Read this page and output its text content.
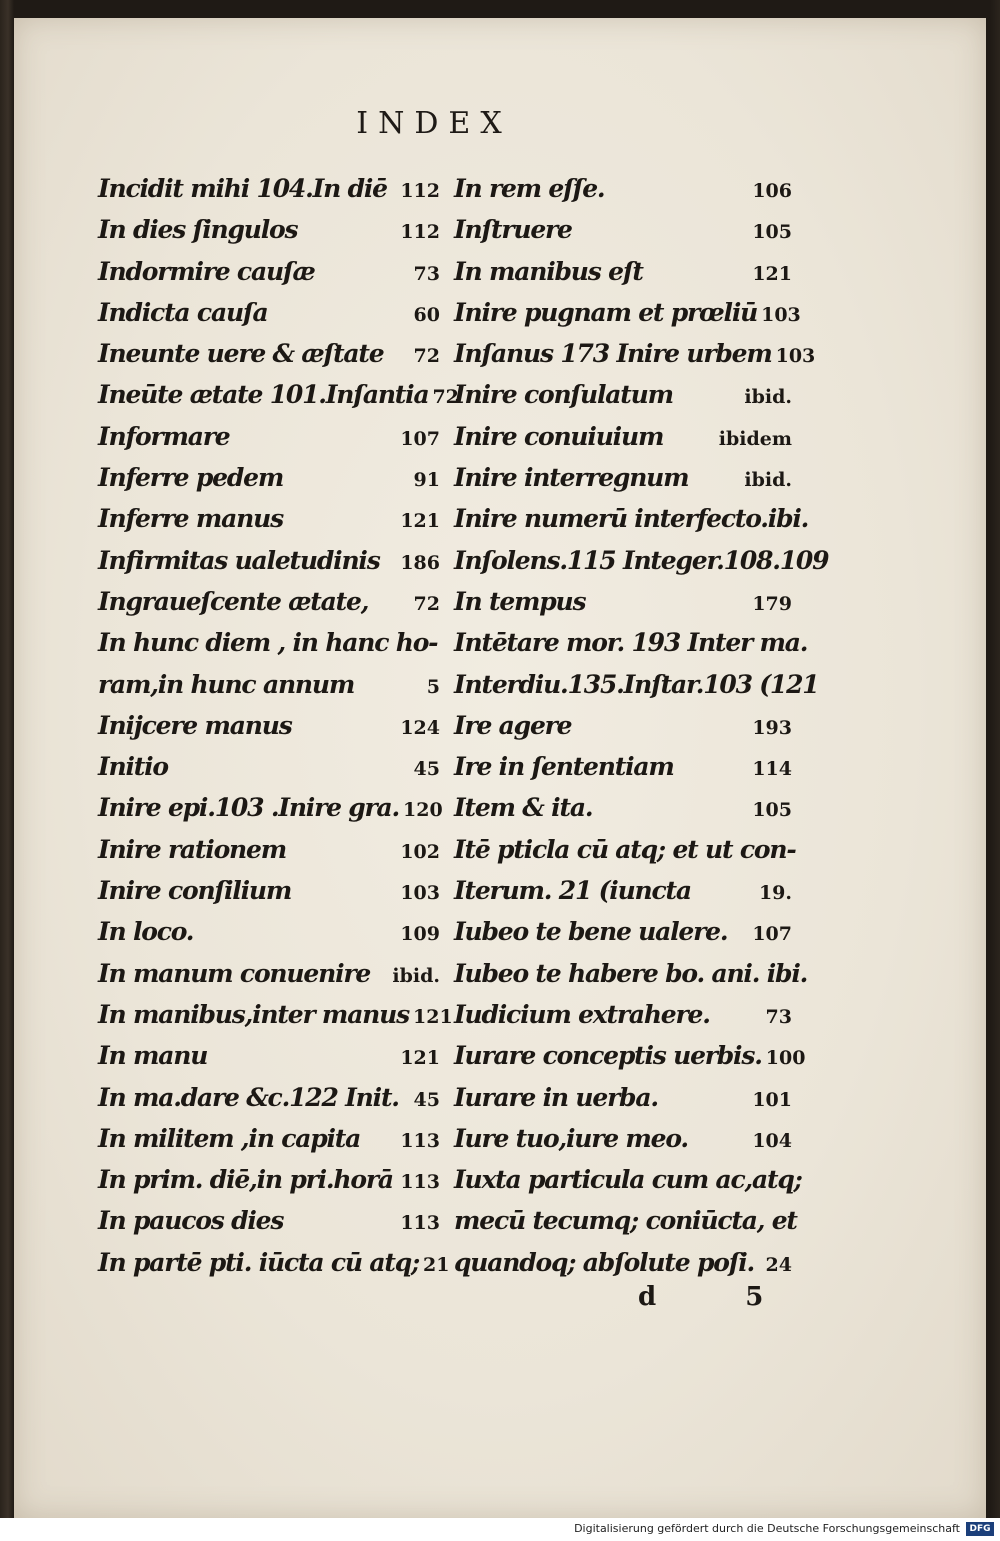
INDEX
Incidit mihi 104.In diē 112
In dies ſingulos	112
Indormire cauſæ	73
Indicta cauſa	60
Ineunte uere & æſtate 72
Ineūte ætate 101.Inſantia 72
Informare	107
Inferre pedem	91
Inferre manus	121
Infirmitas ualetudinis 186
Ingraueſcente ætate, 72
In hunc diem , in hanc ho-
ram,in hunc annum	5
Inijcere manus	124
Initio	45
Inire epi.103 .Inire gra. 120
Inire rationem	102
Inire conſilium	103
In loco.	109
In manum conuenire ibid.
In manibus,inter manus 121
In manu	121
In ma.dare &c.122 Init. 45
In militem ,in capita 113
In prim. diē,in pri.horā 113
In paucos dies	113
In partē pti. iūcta cū atq; 21
In rem eſſe.	106
Inſtruere	105
In manibus eſt	121
Inire pugnam et prœliū 103
Inſanus 173 Inire urbem 103
Inire conſulatum	ibid.
Inire conuiuium	ibidem
Inire interregnum	ibid.
Inire numerū interfecto.ibi.
Inſolens.115 Integer.108.109
In tempus	179
Intētare mor. 193 Inter ma.
Interdiu.135.Inſtar.103 (121
Ire agere	193
Ire in ſententiam	114
Item & ita.	105
Itē pticla cū atq; et ut con-
Iterum. 21 (iuncta	19.
Iubeo te bene ualere. 107
Iubeo te habere bo. ani. ibi.
Iudicium extrahere.	73
Iurare conceptis uerbis. 100
Iurare in uerba.	101
Iure tuo,iure meo.	104
Iuxta particula cum ac,atq;
mecū tecumq; coniūcta, et
quandoq; abſolute poſi. 24
d 5
Digitalisierung gefördert durch die Deutsche Forschungsgemeinschaft	DFG
